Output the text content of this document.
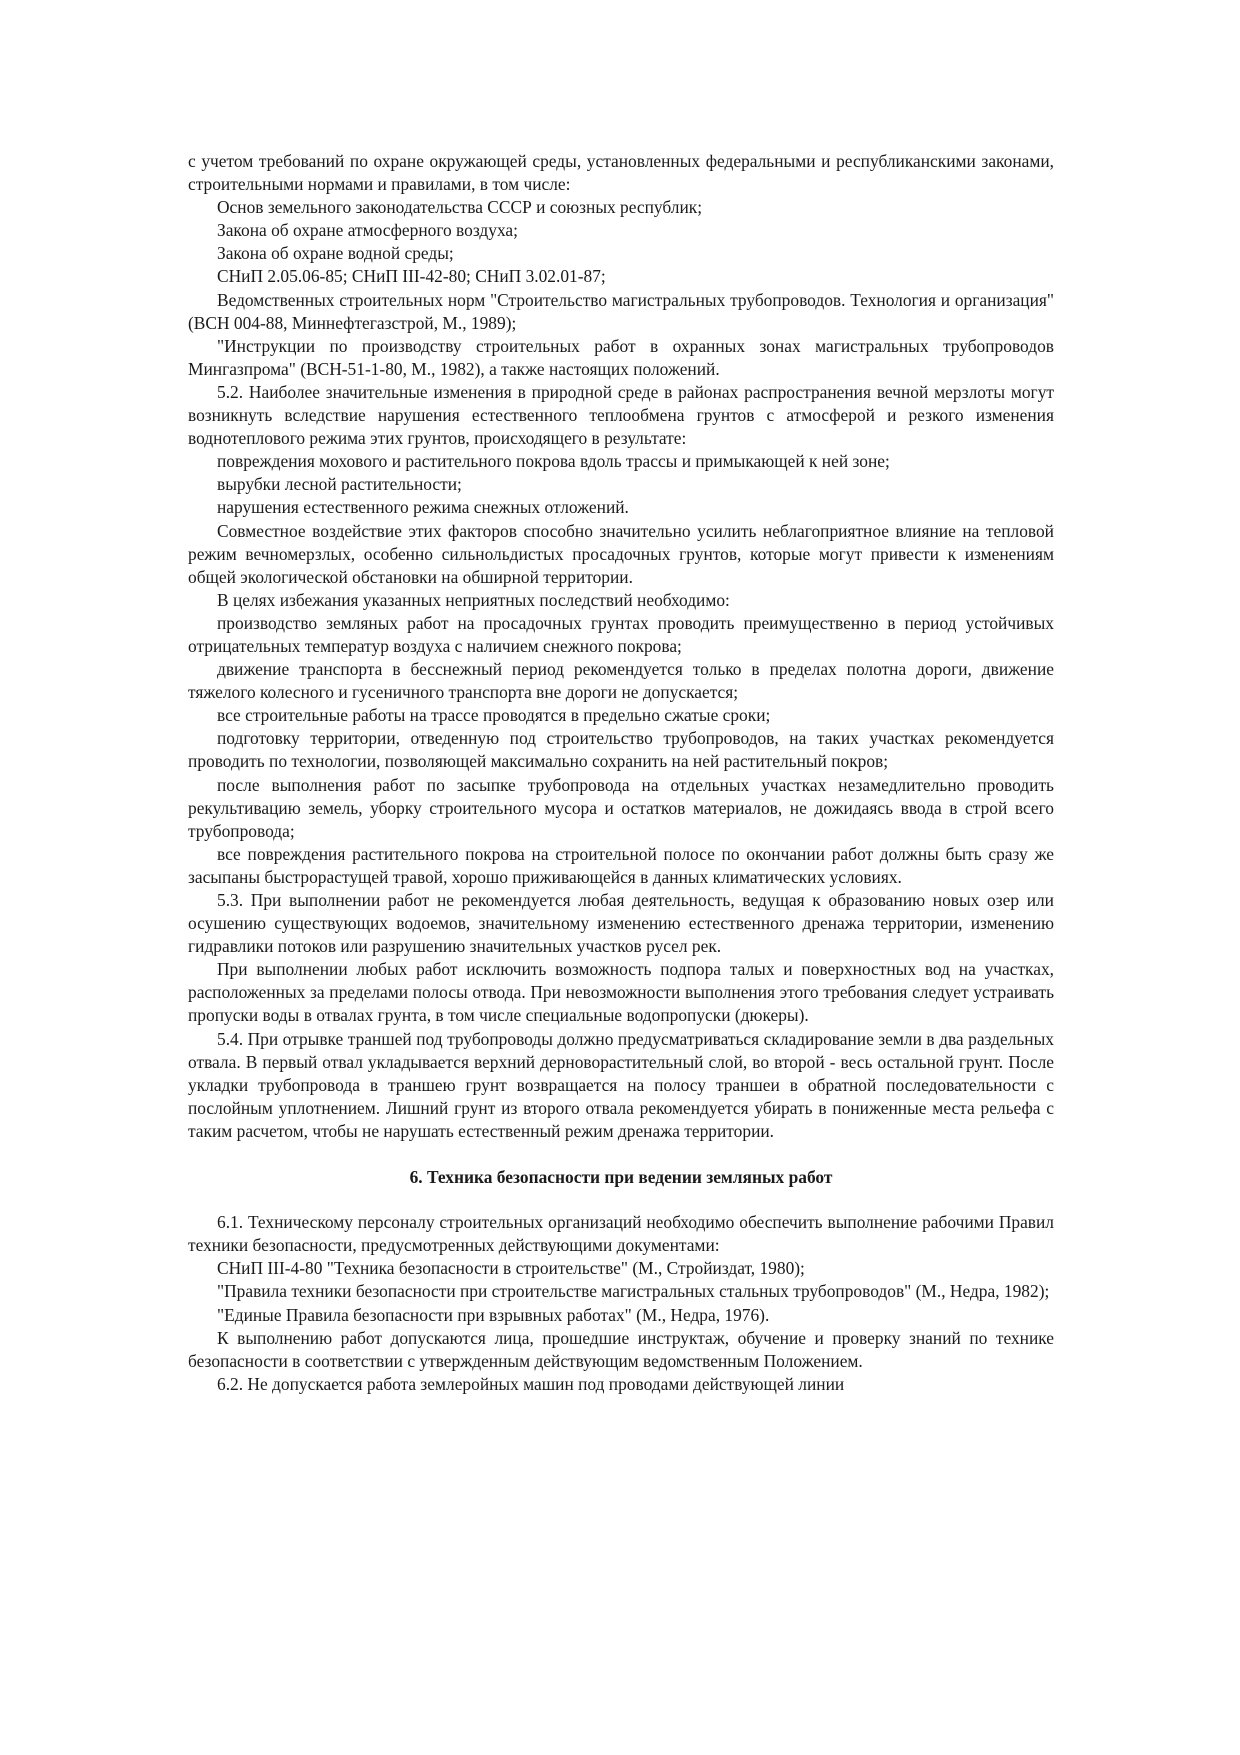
с учетом требований по охране окружающей среды, установленных федеральными и республиканскими законами, строительными нормами и правилами, в том числе:

Основ земельного законодательства СССР и союзных республик;

Закона об охране атмосферного воздуха;

Закона об охране водной среды;

СНиП 2.05.06-85; СНиП III-42-80; СНиП 3.02.01-87;

Ведомственных строительных норм "Строительство магистральных трубопроводов. Технология и организация" (ВСН 004-88, Миннефтегазстрой, М., 1989);

"Инструкции по производству строительных работ в охранных зонах магистральных трубопроводов Мингазпрома" (ВСН-51-1-80, М., 1982), а также настоящих положений.

5.2. Наиболее значительные изменения в природной среде в районах распространения вечной мерзлоты могут возникнуть вследствие нарушения естественного теплообмена грунтов с атмосферой и резкого изменения воднотеплового режима этих грунтов, происходящего в результате:

повреждения мохового и растительного покрова вдоль трассы и примыкающей к ней зоне;

вырубки лесной растительности;

нарушения естественного режима снежных отложений.

Совместное воздействие этих факторов способно значительно усилить неблагоприятное влияние на тепловой режим вечномерзлых, особенно сильнольдистых просадочных грунтов, которые могут привести к изменениям общей экологической обстановки на обширной территории.

В целях избежания указанных неприятных последствий необходимо:

производство земляных работ на просадочных грунтах проводить преимущественно в период устойчивых отрицательных температур воздуха с наличием снежного покрова;

движение транспорта в бесснежный период рекомендуется только в пределах полотна дороги, движение тяжелого колесного и гусеничного транспорта вне дороги не допускается;

все строительные работы на трассе проводятся в предельно сжатые сроки;

подготовку территории, отведенную под строительство трубопроводов, на таких участках рекомендуется проводить по технологии, позволяющей максимально сохранить на ней растительный покров;

после выполнения работ по засыпке трубопровода на отдельных участках незамедлительно проводить рекультивацию земель, уборку строительного мусора и остатков материалов, не дожидаясь ввода в строй всего трубопровода;

все повреждения растительного покрова на строительной полосе по окончании работ должны быть сразу же засыпаны быстрорастущей травой, хорошо приживающейся в данных климатических условиях.

5.3. При выполнении работ не рекомендуется любая деятельность, ведущая к образованию новых озер или осушению существующих водоемов, значительному изменению естественного дренажа территории, изменению гидравлики потоков или разрушению значительных участков русел рек.

При выполнении любых работ исключить возможность подпора талых и поверхностных вод на участках, расположенных за пределами полосы отвода. При невозможности выполнения этого требования следует устраивать пропуски воды в отвалах грунта, в том числе специальные водопропуски (дюкеры).

5.4. При отрывке траншей под трубопроводы должно предусматриваться складирование земли в два раздельных отвала. В первый отвал укладывается верхний дерноворастительный слой, во второй - весь остальной грунт. После укладки трубопровода в траншею грунт возвращается на полосу траншеи в обратной последовательности с послойным уплотнением. Лишний грунт из второго отвала рекомендуется убирать в пониженные места рельефа с таким расчетом, чтобы не нарушать естественный режим дренажа территории.

6. Техника безопасности при ведении земляных работ

6.1. Техническому персоналу строительных организаций необходимо обеспечить выполнение рабочими Правил техники безопасности, предусмотренных действующими документами:

СНиП III-4-80 "Техника безопасности в строительстве" (М., Стройиздат, 1980);

"Правила техники безопасности при строительстве магистральных стальных трубопроводов" (М., Недра, 1982);

"Единые Правила безопасности при взрывных работах" (М., Недра, 1976).

К выполнению работ допускаются лица, прошедшие инструктаж, обучение и проверку знаний по технике безопасности в соответствии с утвержденным действующим ведомственным Положением.

6.2. Не допускается работа землеройных машин под проводами действующей линии
